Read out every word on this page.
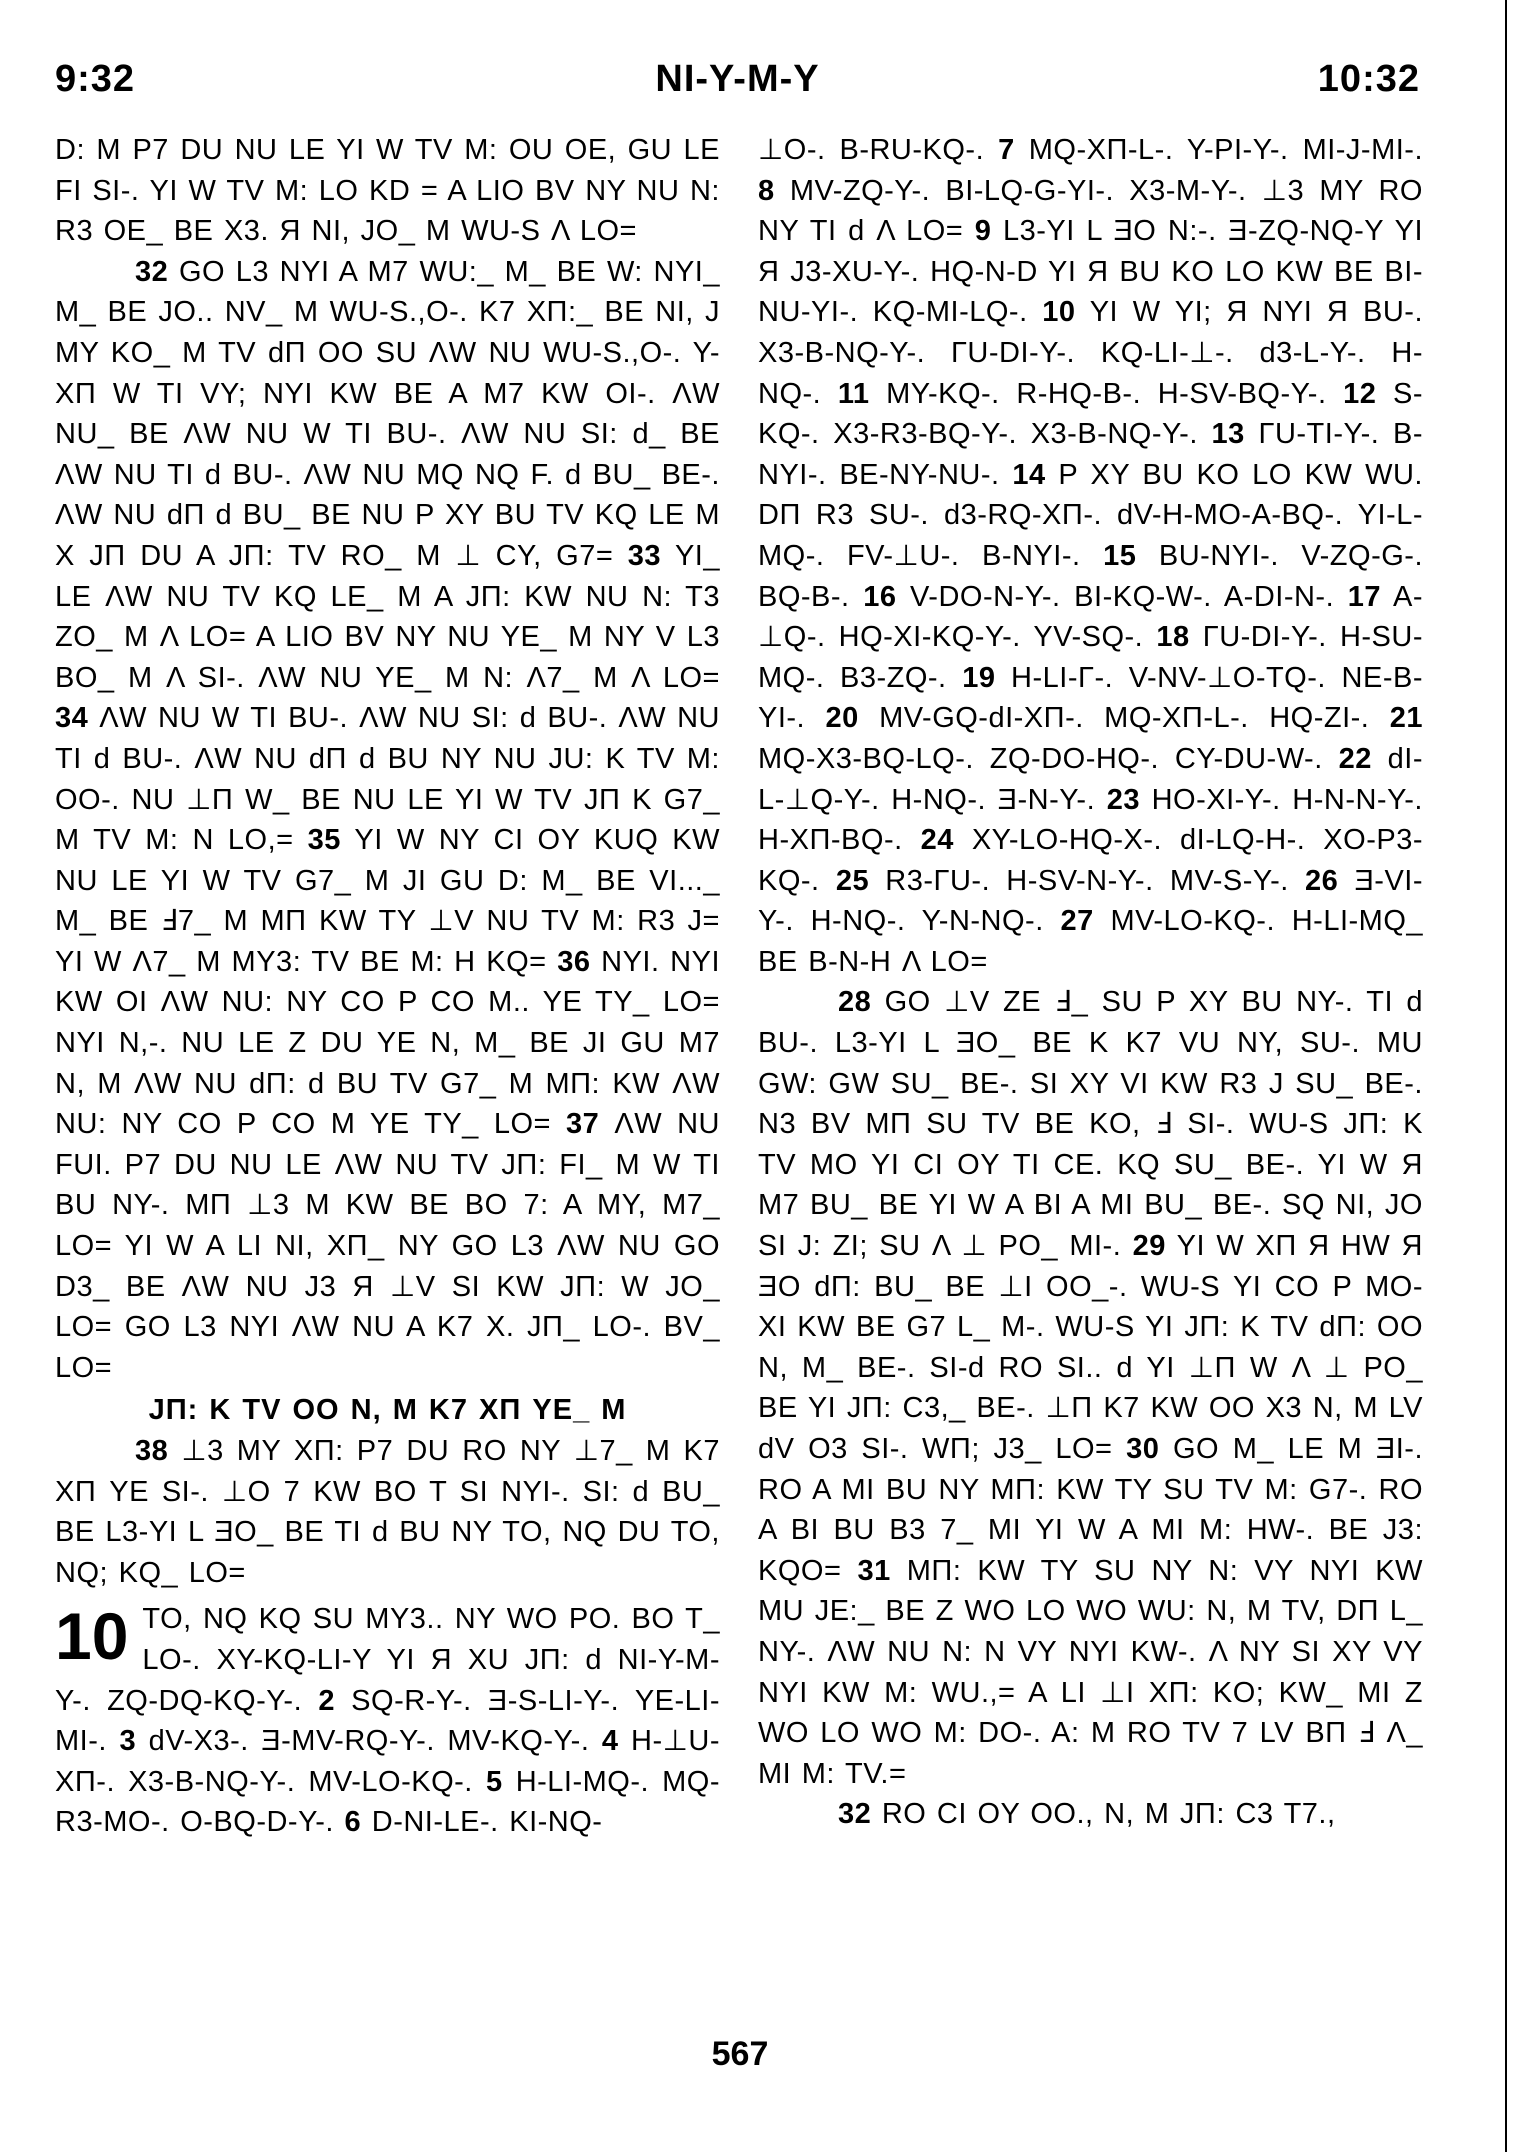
9:32	NI-Y-M-Y	10:32

D: M P7 DU NU LE YI W TV M: OU OE, GU LE FI SI-. YI W TV M: LO KD = A LIO BV NY NU N: R3 OE_ BE X3. Я NI, JO_ M WU-S Λ LO=

32 GO L3 NYI A M7 WU:_ M_ BE W: NYI_ M_ BE JO.. NV_ M WU-S.,O-. K7 XΠ:_ BE NI, J MY KO_ M TV dΠ OO SU ΛW NU WU-S.,O-. Y-XΠ W TI VY; NYI KW BE A M7 KW OI-. ΛW NU_ BE ΛW NU W TI BU-. ΛW NU SI: d_ BE ΛW NU TI d BU-. ΛW NU MQ NQ F. d BU_ BE-. ΛW NU dΠ d BU_ BE NU P XY BU TV KQ LE M X JΠ DU A JΠ: TV RO_ M ⊥ CY, G7= 33 YI_ LE ΛW NU TV KQ LE_ M A JΠ: KW NU N: T3 ZO_ M Λ LO= A LIO BV NY NU YE_ M NY V L3 BO_ M Λ SI-. ΛW NU YE_ M N: Λ7_ M Λ LO= 34 ΛW NU W TI BU-. ΛW NU SI: d BU-. ΛW NU TI d BU-. ΛW NU dΠ d BU NY NU JU: K TV M: OO-. NU ⊥Π W_ BE NU LE YI W TV JΠ K G7_ M TV M: N LO,= 35 YI W NY CI OY KUQ KW NU LE YI W TV G7_ M JI GU D: M_ BE VI..._ M_ BE Ⅎ7_ M MΠ KW TY ⊥V NU TV M: R3 J= YI W Λ7_ M MY3: TV BE M: H KQ= 36 NYI. NYI KW OI ΛW NU: NY CO P CO M.. YE TY_ LO= NYI N,-. NU LE Z DU YE N, M_ BE JI GU M7 N, M ΛW NU dΠ: d BU TV G7_ M MΠ: KW ΛW NU: NY CO P CO M YE TY_ LO= 37 ΛW NU FUI. P7 DU NU LE ΛW NU TV JΠ: FI_ M W TI BU NY-. MΠ ⊥3 M KW BE BO 7: A MY, M7_ LO= YI W A LI NI, XΠ_ NY GO L3 ΛW NU GO D3_ BE ΛW NU J3 Я ⊥V SI KW JΠ: W JO_ LO= GO L3 NYI ΛW NU A K7 X. JΠ_ LO-. BV_ LO=

JΠ: K TV OO N, M K7 XΠ YE_ M

38 ⊥3 MY XΠ: P7 DU RO NY ⊥7_ M K7 XΠ YE SI-. ⊥O 7 KW BO T SI NYI-. SI: d BU_ BE L3-YI L ƎO_ BE TI d BU NY TO, NQ DU TO, NQ; KQ_ LO=

10 TO, NQ KQ SU MY3.. NY WO PO. BO T_ LO-. XY-KQ-LI-Y YI Я XU JΠ: d NI-Y-M-Y-. ZQ-DQ-KQ-Y-. 2 SQ-R-Y-. Ǝ-S-LI-Y-. YE-LI-MI-. 3 dV-X3-. Ǝ-MV-RQ-Y-. MV-KQ-Y-. 4 H-⊥U-XΠ-. X3-B-NQ-Y-. MV-LO-KQ-. 5 H-LI-MQ-. MQ-R3-MO-. O-BQ-D-Y-. 6 D-NI-LE-. KI-NQ-

⊥O-. B-RU-KQ-. 7 MQ-XΠ-L-. Y-PI-Y-. MI-J-MI-. 8 MV-ZQ-Y-. BI-LQ-G-YI-. X3-M-Y-. ⊥3 MY RO NY TI d Λ LO= 9 L3-YI L ƎO N:-. Ǝ-ZQ-NQ-Y YI Я J3-XU-Y-. HQ-N-D YI Я BU KO LO KW BE BI-NU-YI-. KQ-MI-LQ-. 10 YI W YI; Я NYI Я BU-. X3-B-NQ-Y-. ΓU-DI-Y-. KQ-LI-⊥-. d3-L-Y-. H-NQ-. 11 MY-KQ-. R-HQ-B-. H-SV-BQ-Y-. 12 S-KQ-. X3-R3-BQ-Y-. X3-B-NQ-Y-. 13 ΓU-TI-Y-. B-NYI-. BE-NY-NU-. 14 P XY BU KO LO KW WU. DΠ R3 SU-. d3-RQ-XΠ-. dV-H-MO-A-BQ-. YI-L-MQ-. FV-⊥U-. B-NYI-. 15 BU-NYI-. V-ZQ-G-. BQ-B-. 16 V-DO-N-Y-. BI-KQ-W-. A-DI-N-. 17 A-⊥Q-. HQ-XI-KQ-Y-. YV-SQ-. 18 ΓU-DI-Y-. H-SU-MQ-. B3-ZQ-. 19 H-LI-Γ-. V-NV-⊥O-TQ-. NE-B-YI-. 20 MV-GQ-dI-XΠ-. MQ-XΠ-L-. HQ-ZI-. 21 MQ-X3-BQ-LQ-. ZQ-DO-HQ-. CY-DU-W-. 22 dI-L-⊥Q-Y-. H-NQ-. Ǝ-N-Y-. 23 HO-XI-Y-. H-N-N-Y-. H-XΠ-BQ-. 24 XY-LO-HQ-X-. dI-LQ-H-. XO-P3-KQ-. 25 R3-ΓU-. H-SV-N-Y-. MV-S-Y-. 26 Ǝ-VI-Y-. H-NQ-. Y-N-NQ-. 27 MV-LO-KQ-. H-LI-MQ_ BE B-N-H Λ LO=

28 GO ⊥V ZE Ⅎ_ SU P XY BU NY-. TI d BU-. L3-YI L ƎO_ BE K K7 VU NY, SU-. MU GW: GW SU_ BE-. SI XY VI KW R3 J SU_ BE-. N3 BV MΠ SU TV BE KO, Ⅎ SI-. WU-S JΠ: K TV MO YI CI OY TI CE. KQ SU_ BE-. YI W Я M7 BU_ BE YI W A BI A MI BU_ BE-. SQ NI, JO SI J: ZI; SU Λ ⊥ PO_ MI-. 29 YI W XΠ Я HW Я ƎO dΠ: BU_ BE ⊥I OO_-. WU-S YI CO P MO-XI KW BE G7 L_ M-. WU-S YI JΠ: K TV dΠ: OO N, M_ BE-. SI-d RO SI.. d YI ⊥Π W Λ ⊥ PO_ BE YI JΠ: C3,_ BE-. ⊥Π K7 KW OO X3 N, M LV dV O3 SI-. WΠ; J3_ LO= 30 GO M_ LE M ƎI-. RO A MI BU NY MΠ: KW TY SU TV M: G7-. RO A BI BU B3 7_ MI YI W A MI M: HW-. BE J3: KQO= 31 MΠ: KW TY SU NY N: VY NYI KW MU JE:_ BE Z WO LO WO WU: N, M TV, DΠ L_ NY-. ΛW NU N: N VY NYI KW-. Λ NY SI XY VY NYI KW M: WU.,= A LI ⊥I XΠ: KO; KW_ MI Z WO LO WO M: DO-. A: M RO TV 7 LV BΠ Ⅎ Λ_ MI M: TV.=

32 RO CI OY OO., N, M JΠ: C3 T7.,

567
